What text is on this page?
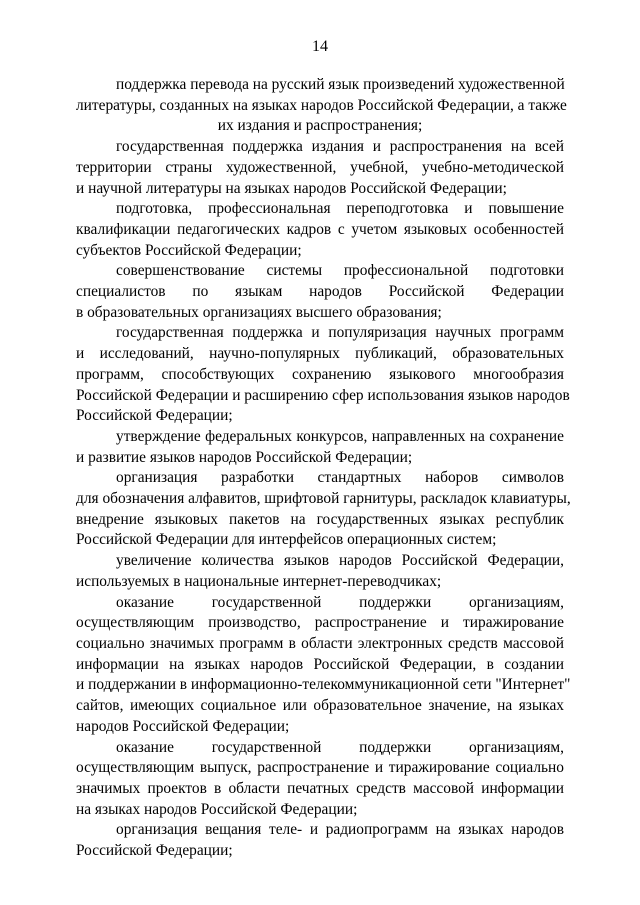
14
поддержка перевода на русский язык произведений художественной
литературы, созданных на языках народов Российской Федерации, а также
их издания и распространения;
государственная поддержка издания и распространения на всей
территории страны художественной, учебной, учебно-методической
и научной литературы на языках народов Российской Федерации;
подготовка, профессиональная переподготовка и повышение
квалификации педагогических кадров с учетом языковых особенностей
субъектов Российской Федерации;
совершенствование системы профессиональной подготовки
специалистов по языкам народов Российской Федерации
в образовательных организациях высшего образования;
государственная поддержка и популяризация научных программ
и исследований, научно-популярных публикаций, образовательных
программ, способствующих сохранению языкового многообразия
Российской Федерации и расширению сфер использования языков народов
Российской Федерации;
утверждение федеральных конкурсов, направленных на сохранение
и развитие языков народов Российской Федерации;
организация разработки стандартных наборов символов
для обозначения алфавитов, шрифтовой гарнитуры, раскладок клавиатуры,
внедрение языковых пакетов на государственных языках республик
Российской Федерации для интерфейсов операционных систем;
увеличение количества языков народов Российской Федерации,
используемых в национальные интернет-переводчиках;
оказание государственной поддержки организациям,
осуществляющим производство, распространение и тиражирование
социально значимых программ в области электронных средств массовой
информации на языках народов Российской Федерации, в создании
и поддержании в информационно-телекоммуникационной сети "Интернет"
сайтов, имеющих социальное или образовательное значение, на языках
народов Российской Федерации;
оказание государственной поддержки организациям,
осуществляющим выпуск, распространение и тиражирование социально
значимых проектов в области печатных средств массовой информации
на языках народов Российской Федерации;
организация вещания теле- и радиопрограмм на языках народов
Российской Федерации;
